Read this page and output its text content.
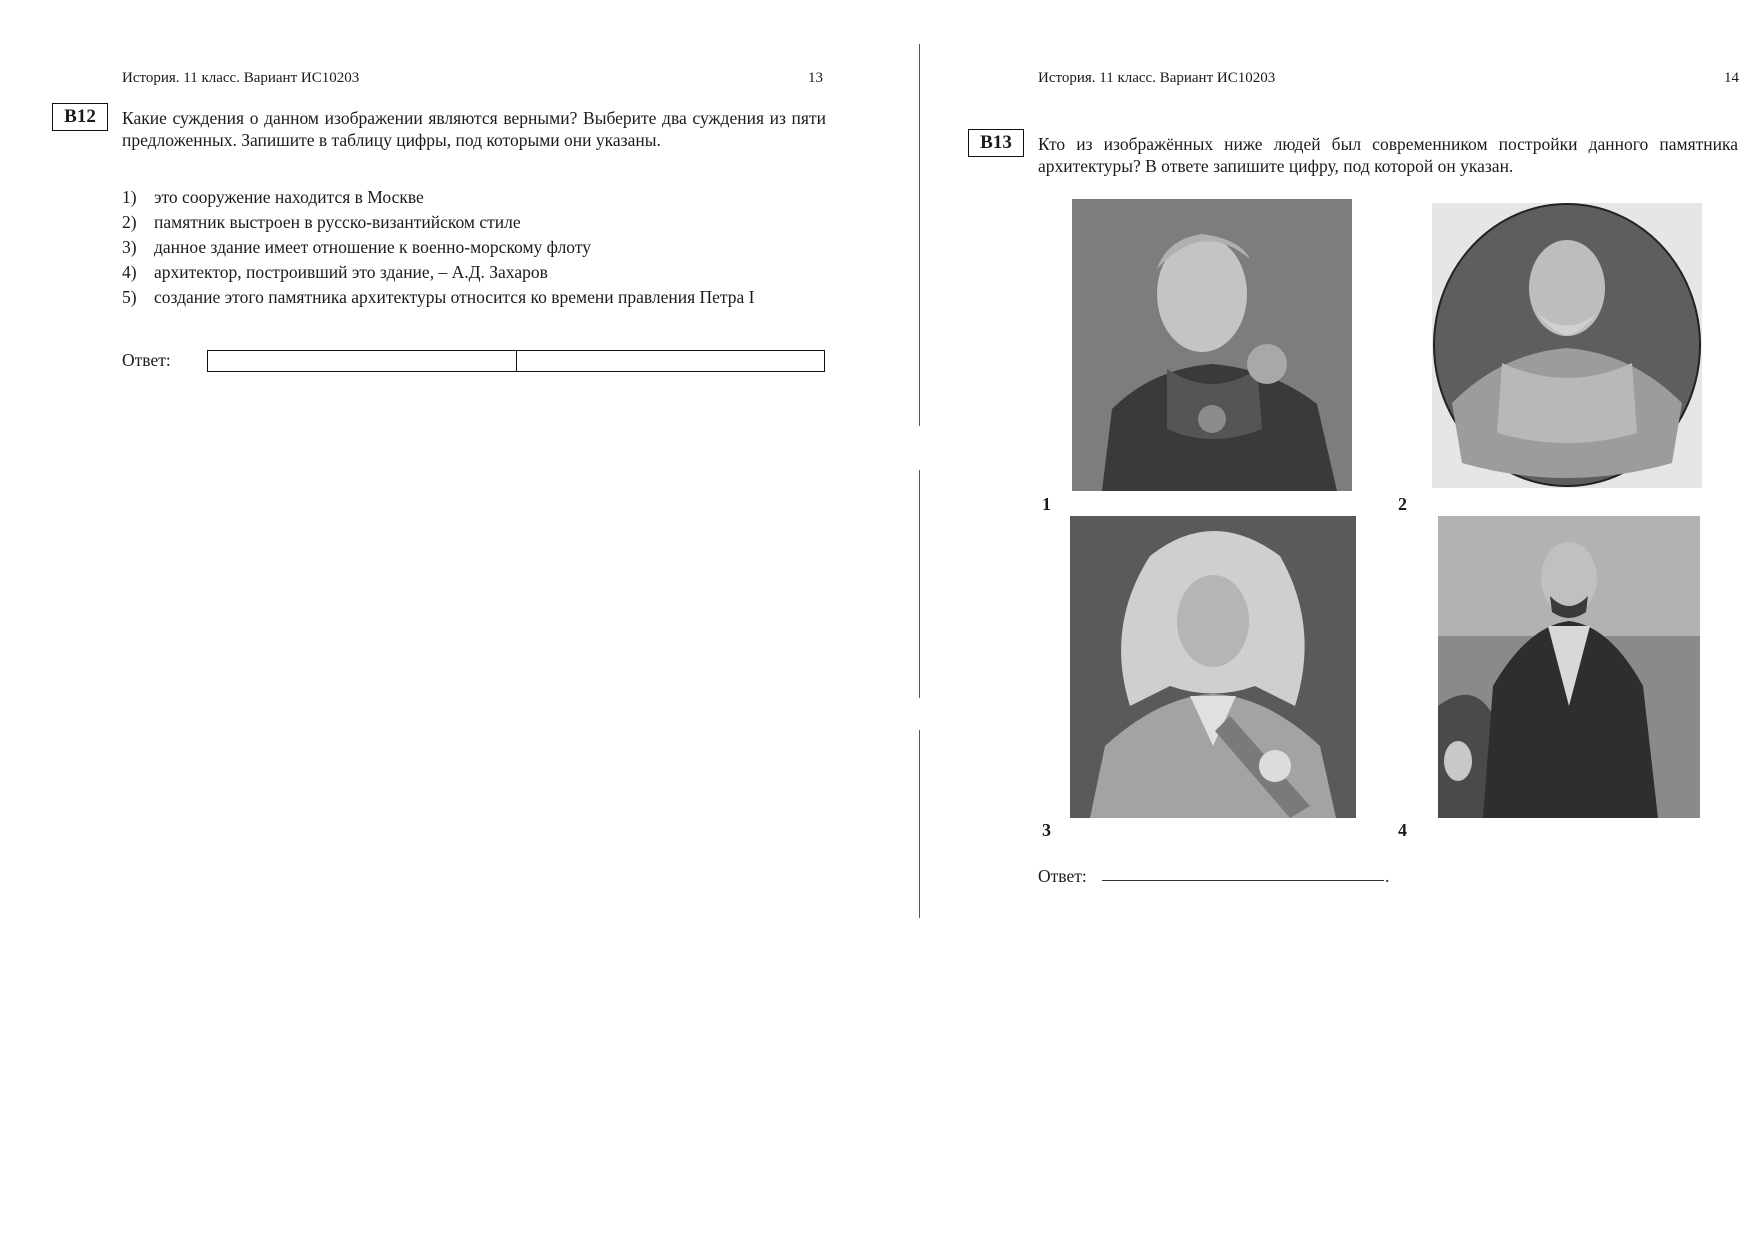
История. 11 класс. Вариант ИС10203	13
B12	Какие суждения о данном изображении являются верными? Выберите два суждения из пяти предложенных. Запишите в таблицу цифры, под которыми они указаны.
1) это сооружение находится в Москве
2) памятник выстроен в русско-византийском стиле
3) данное здание имеет отношение к военно-морскому флоту
4) архитектор, построивший это здание, – А.Д. Захаров
5) создание этого памятника архитектуры относится ко времени правления Петра I
Ответ:
История. 11 класс. Вариант ИС10203	14
B13	Кто из изображённых ниже людей был современником постройки данного памятника архитектуры? В ответе запишите цифру, под которой он указан.
1	2
3	4
Ответ:	.
